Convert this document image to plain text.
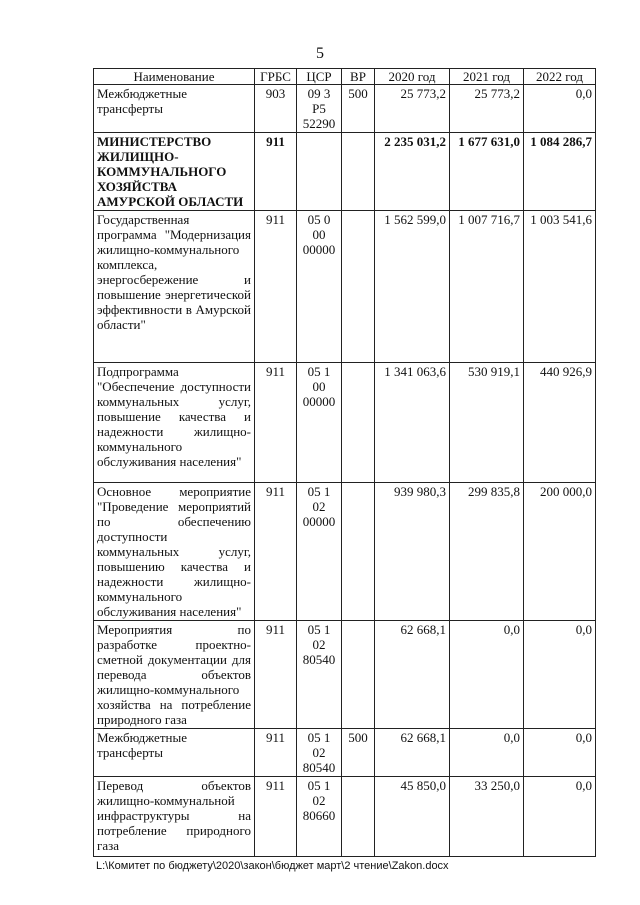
5
Наименование	ГРБС	ЦСР	ВР	2020 год	2021 год	2022 год
Межбюджетные трансферты	903	09 3 Р5 52290	500	25 773,2	25 773,2	0,0
МИНИСТЕРСТВО ЖИЛИЩНО-КОММУНАЛЬНОГО ХОЗЯЙСТВА АМУРСКОЙ ОБЛАСТИ	911			2 235 031,2	1 677 631,0	1 084 286,7
Государственная программа "Модернизация жилищно-коммунального комплекса, энергосбережение и повышение энергетической эффективности в Амурской области"	911	05 0 00 00000		1 562 599,0	1 007 716,7	1 003 541,6
Подпрограмма "Обеспечение доступности коммунальных услуг, повышение качества и надежности жилищно-коммунального обслуживания населения"	911	05 1 00 00000		1 341 063,6	530 919,1	440 926,9
Основное мероприятие "Проведение мероприятий по обеспечению доступности коммунальных услуг, повышению качества и надежности жилищно-коммунального обслуживания населения"	911	05 1 02 00000		939 980,3	299 835,8	200 000,0
Мероприятия по разработке проектно-сметной документации для перевода объектов жилищно-коммунального хозяйства на потребление природного газа	911	05 1 02 80540		62 668,1	0,0	0,0
Межбюджетные трансферты	911	05 1 02 80540	500	62 668,1	0,0	0,0
Перевод объектов жилищно-коммунальной инфраструктуры на потребление природного газа	911	05 1 02 80660		45 850,0	33 250,0	0,0
L:\Комитет по бюджету\2020\закон\бюджет март\2 чтение\Zakon.docx
